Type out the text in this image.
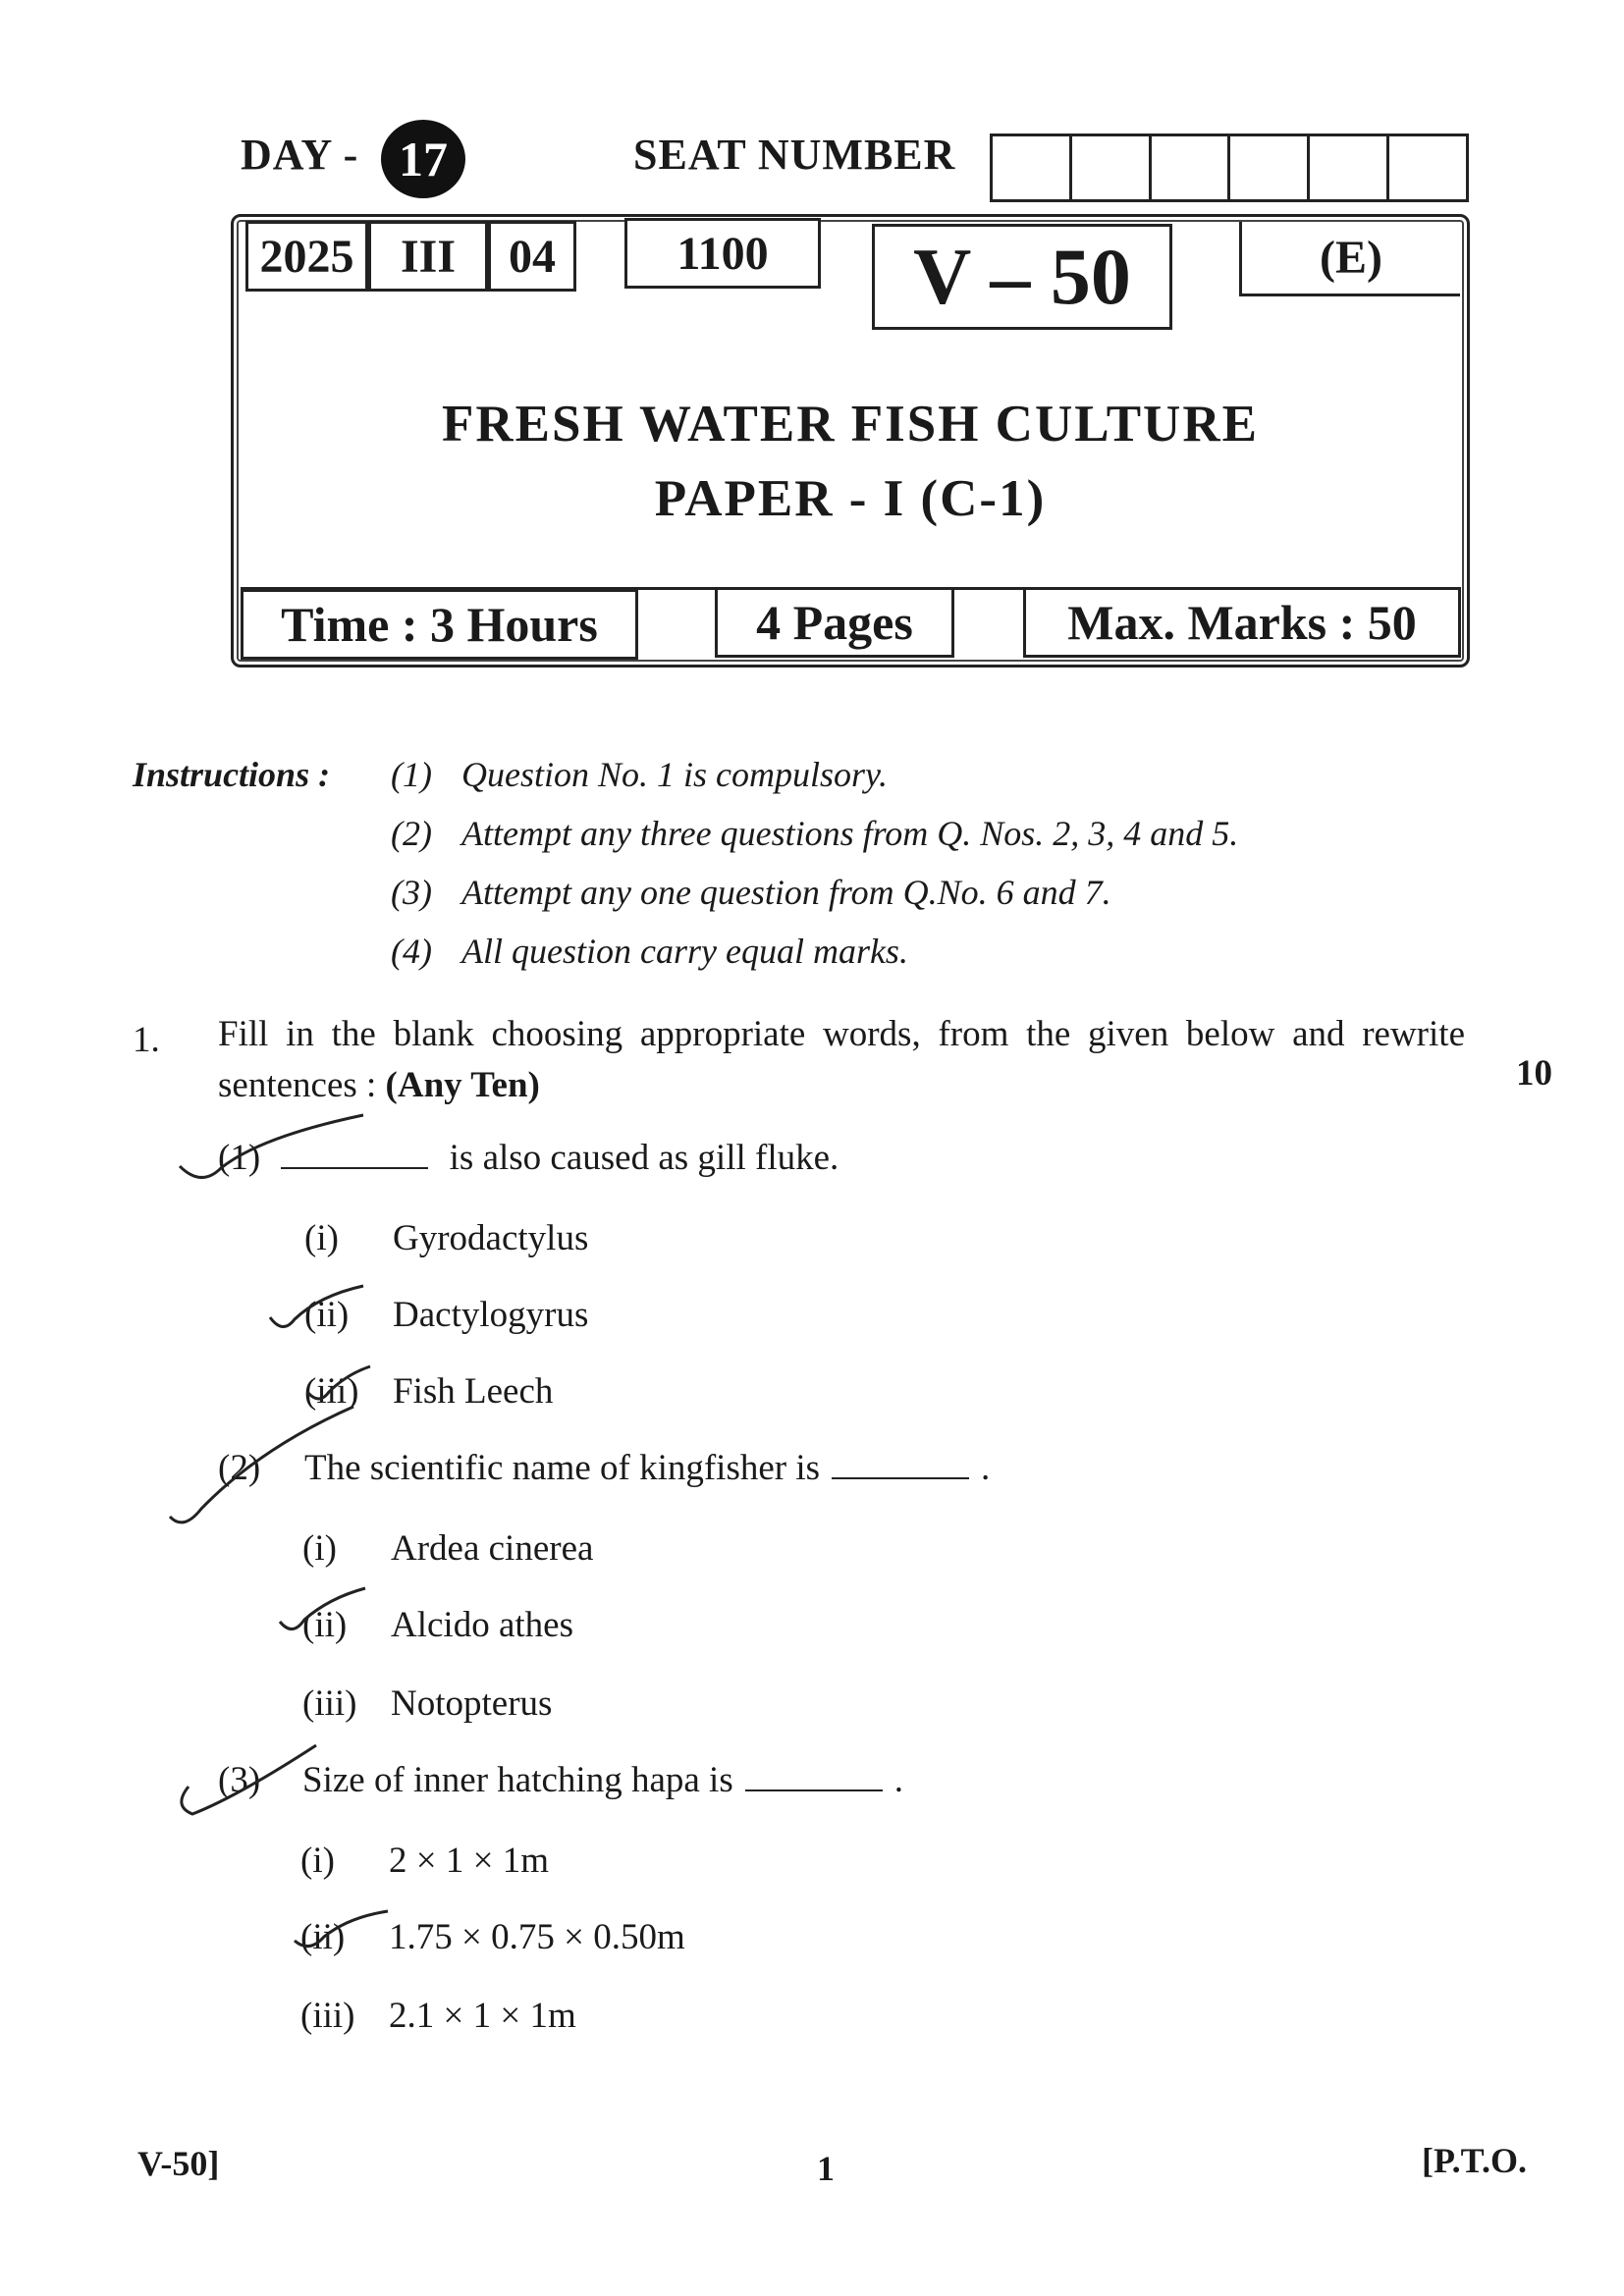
DAY - 17	SEAT NUMBER
2025 III	04	1100	V – 50	(E)
FRESH WATER FISH CULTURE
PAPER - I (C-1)
Time : 3 Hours	4 Pages	Max. Marks : 50
Instructions : (1) Question No. 1 is compulsory.
(2) Attempt any three questions from Q. Nos. 2, 3, 4 and 5.
(3) Attempt any one question from Q.No. 6 and 7.
(4) All question carry equal marks.
1. Fill in the blank choosing appropriate words, from the given below and rewrite sentences : (Any Ten)	10
(1)	is also caused as gill fluke.
(i) Gyrodactylus
(ii) Dactylogyrus
(iii) Fish Leech
(2) The scientific name of kingfisher is	.
(i) Ardea cinerea
(ii) Alcido athes
(iii) Notopterus
(3) Size of inner hatching hapa is	.
(i) 2 × 1 × 1m
(ii) 1.75 × 0.75 × 0.50m
(iii) 2.1 × 1 × 1m
V-50]	1	[P.T.O.
